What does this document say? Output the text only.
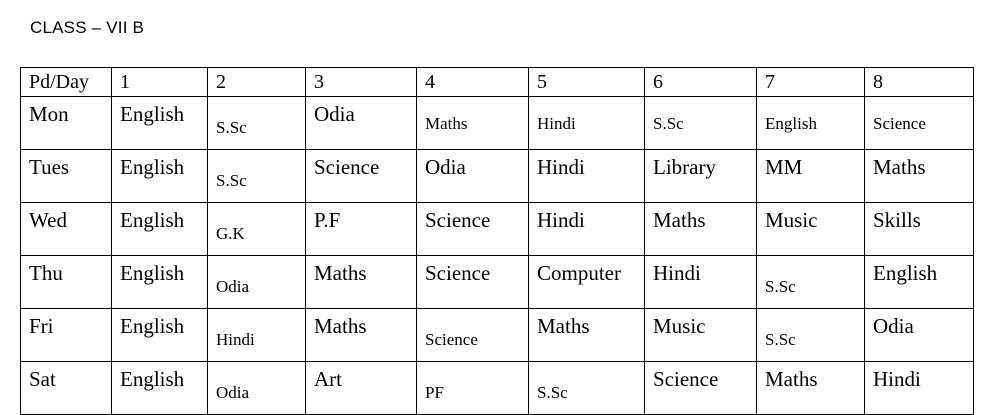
CLASS – VII B
Pd/Day	1	2	3	4	5	6	7	8

Mon	English	S.Sc	Odia	Maths	Hindi	S.Sc	English	Science

Tues	English	S.Sc	Science	Odia	Hindi	Library	MM	Maths

Wed	English	G.K	P.F	Science	Hindi	Maths	Music	Skills

Thu	English	Odia	Maths	Science	Computer	Hindi	S.Sc	English

Fri	English	Hindi	Maths	Science	Maths	Music	S.Sc	Odia

Sat	English	Odia	Art	PF	S.Sc	Science	Maths	Hindi
